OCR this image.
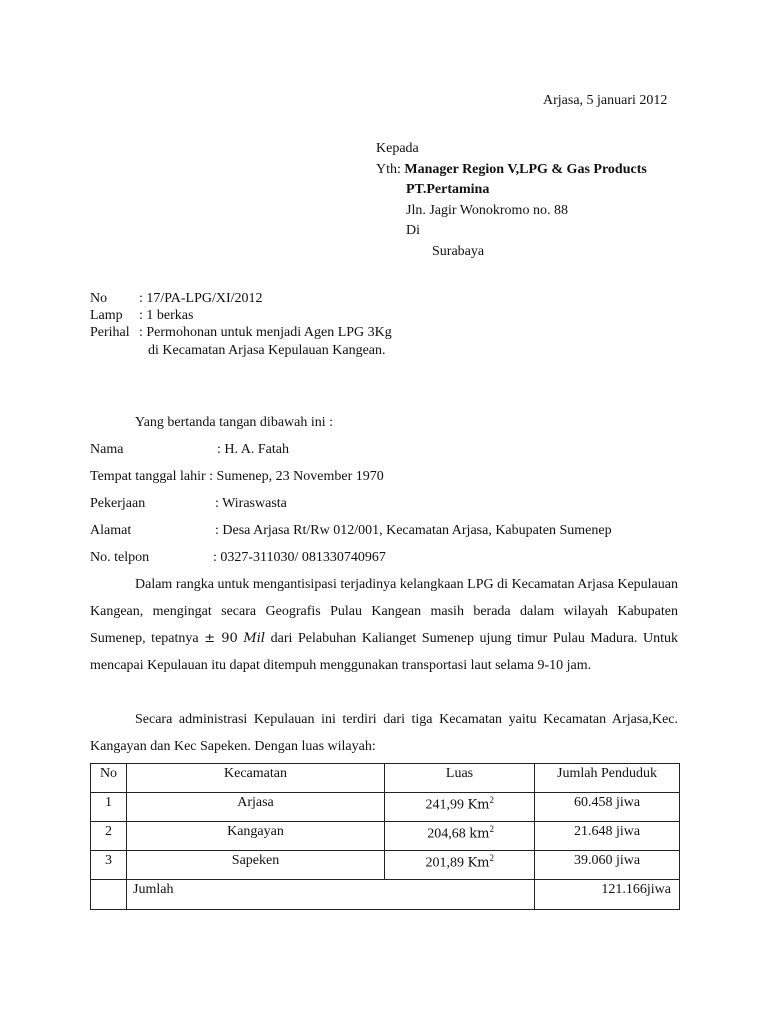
Arjasa, 5 januari 2012
Kepada
Yth: Manager Region V,LPG & Gas Products
PT.Pertamina
Jln. Jagir Wonokromo no. 88
Di
Surabaya
No : 17/PA-LPG/XI/2012
Lamp : 1 berkas
Perihal : Permohonan untuk menjadi Agen LPG 3Kg
di Kecamatan Arjasa Kepulauan Kangean.
Yang bertanda tangan dibawah ini :
Nama	: H. A. Fatah
Tempat tanggal lahir : Sumenep, 23 November 1970
Pekerjaan	: Wiraswasta
Alamat	: Desa Arjasa Rt/Rw 012/001, Kecamatan Arjasa, Kabupaten Sumenep
No. telpon	: 0327-311030/ 081330740967
Dalam rangka untuk mengantisipasi terjadinya kelangkaan LPG di Kecamatan Arjasa Kepulauan Kangean, mengingat secara Geografis Pulau Kangean masih berada dalam wilayah Kabupaten Sumenep, tepatnya ± 90 Mil dari Pelabuhan Kalianget Sumenep ujung timur Pulau Madura. Untuk mencapai Kepulauan itu dapat ditempuh menggunakan transportasi laut selama 9-10 jam.
Secara administrasi Kepulauan ini terdiri dari tiga Kecamatan yaitu Kecamatan Arjasa,Kec. Kangayan dan Kec Sapeken. Dengan luas wilayah:
No	Kecamatan	Luas	Jumlah Penduduk
1	Arjasa	241,99 Km$^2$	60.458 jiwa
2	Kangayan	204,68 $km^2$	21.648 jiwa
3	Sapeken	201,89 Km$^2$	39.060 jiwa
	Jumlah		121.166jiwa
